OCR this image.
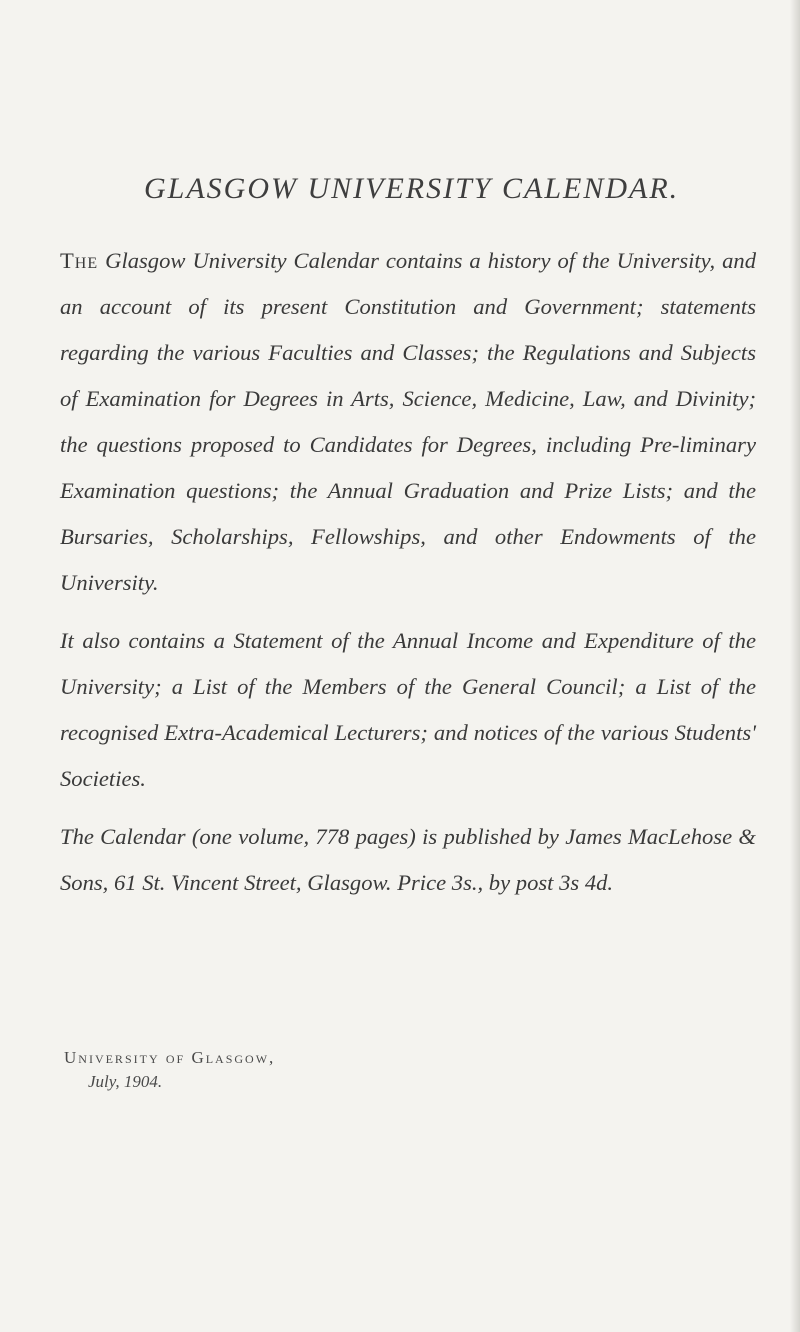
GLASGOW UNIVERSITY CALENDAR.

The Glasgow University Calendar contains a history of the University, and an account of its present Constitution and Government; statements regarding the various Faculties and Classes; the Regulations and Subjects of Examination for Degrees in Arts, Science, Medicine, Law, and Divinity; the questions proposed to Candidates for Degrees, including Pre-liminary Examination questions; the Annual Graduation and Prize Lists; and the Bursaries, Scholarships, Fellowships, and other Endowments of the University.

It also contains a Statement of the Annual Income and Expenditure of the University; a List of the Members of the General Council; a List of the recognised Extra-Academical Lecturers; and notices of the various Students' Societies.

The Calendar (one volume, 778 pages) is published by James MacLehose & Sons, 61 St. Vincent Street, Glasgow. Price 3s., by post 3s 4d.

University of Glasgow,
July, 1904.
